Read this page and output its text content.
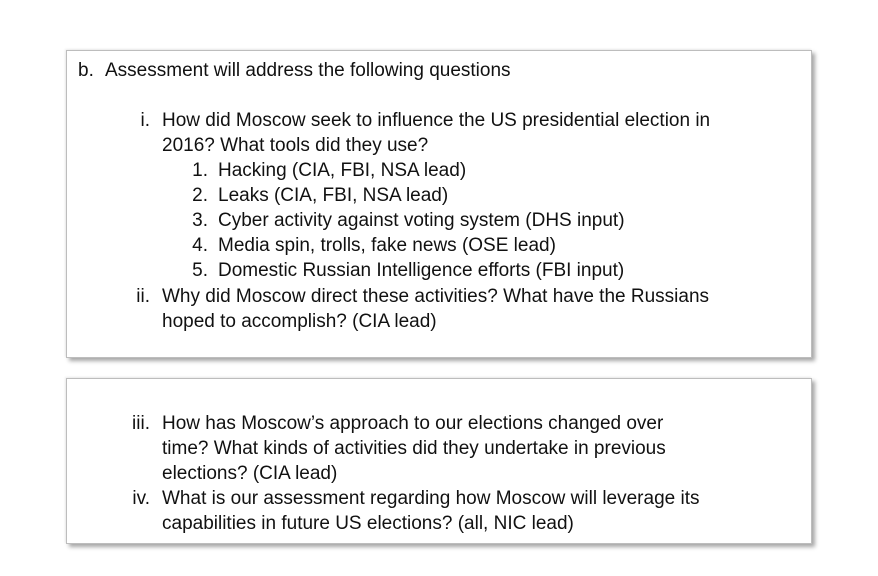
b. Assessment will address the following questions
i. How did Moscow seek to influence the US presidential election in
2016? What tools did they use?
1. Hacking (CIA, FBI, NSA lead)
2. Leaks (CIA, FBI, NSA lead)
3. Cyber activity against voting system (DHS input)
4. Media spin, trolls, fake news (OSE lead)
5. Domestic Russian Intelligence efforts (FBI input)
ii. Why did Moscow direct these activities? What have the Russians
hoped to accomplish? (CIA lead)
iii. How has Moscow’s approach to our elections changed over
time? What kinds of activities did they undertake in previous
elections? (CIA lead)
iv. What is our assessment regarding how Moscow will leverage its
capabilities in future US elections? (all, NIC lead)
